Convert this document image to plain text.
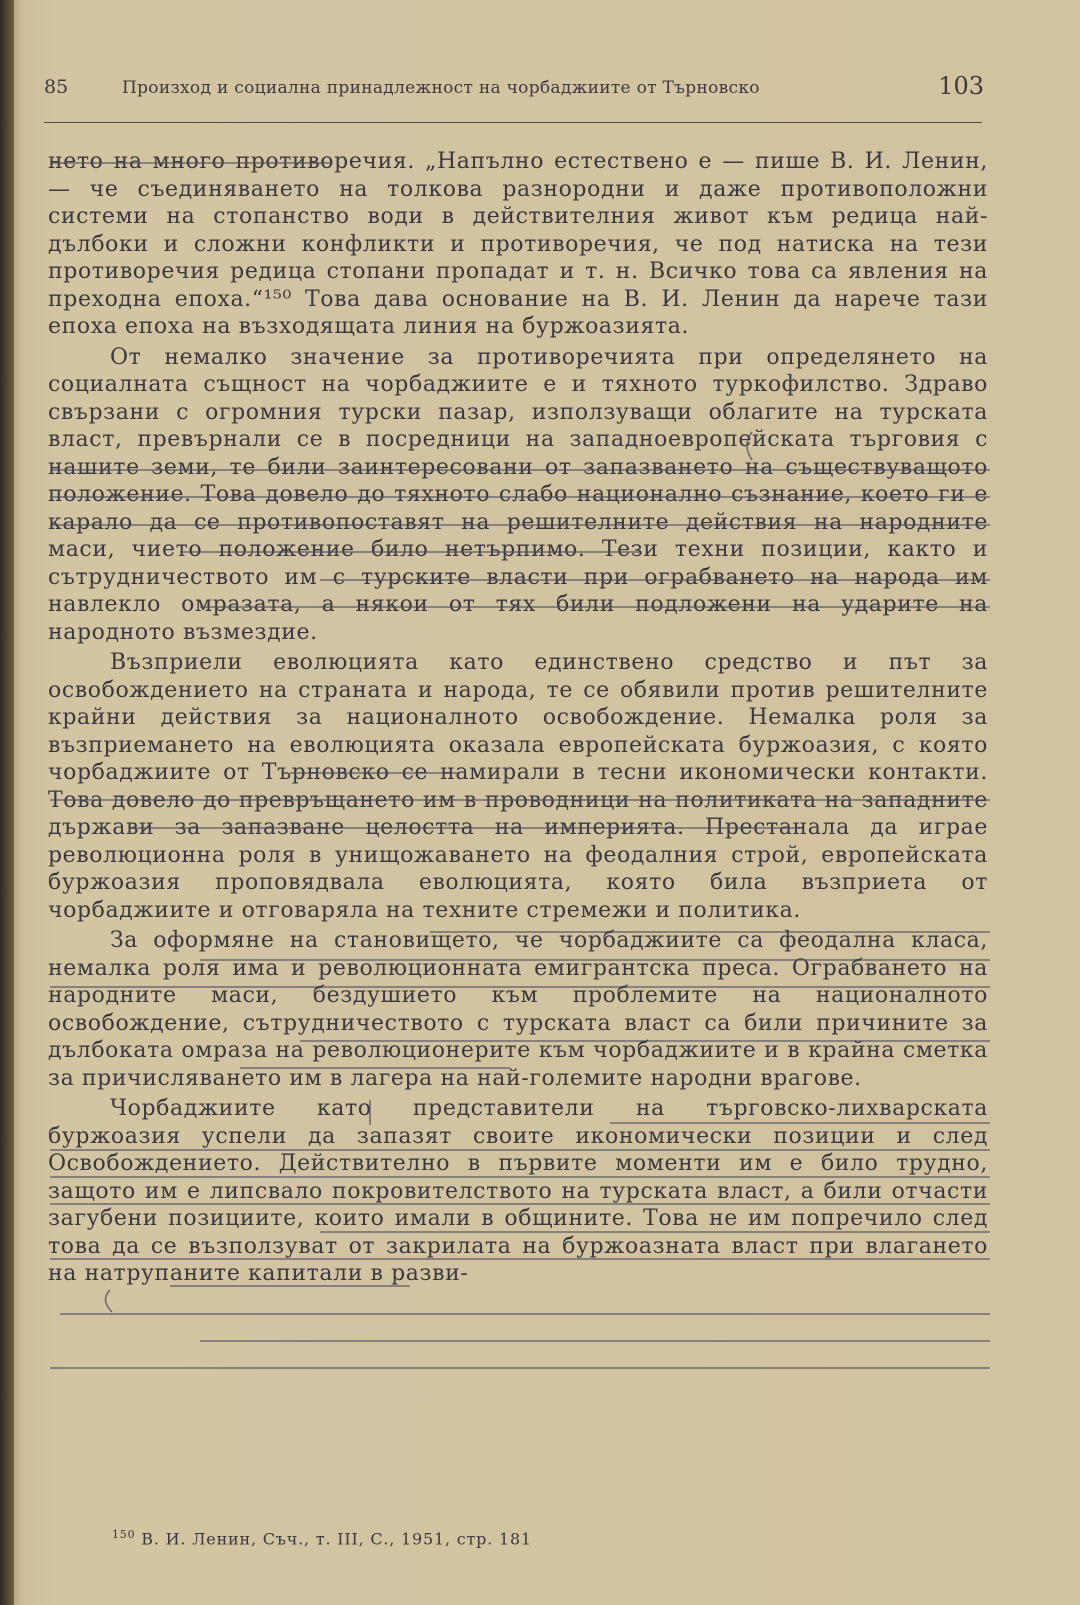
85	Произход и социална принадлежност на чорбаджиите от Търновско	103

нето на много противоречия. „Напълно естествено е — пише В. И. Ленин, — че съединяването на толкова разнородни и даже противоположни системи на стопанство води в действителния живот към редица най-дълбоки и сложни конфликти и противоречия, че под натиска на тези противоречия редица стопани пропадат и т. н. Всичко това са явления на преходна епоха.“¹⁵⁰ Това дава основание на В. И. Ленин да нарече тази епоха епоха на възходящата линия на буржоазията.

От немалко значение за противоречията при определянето на социалната същност на чорбаджиите е и тяхното туркофилство. Здраво свързани с огромния турски пазар, използуващи облагите на турската власт, превърнали се в посредници на западноевропейската търговия с нашите земи, те били заинтересовани от запазването на съществуващото положение. Това довело до тяхното слабо национално съзнание, което ги е карало да се противопоставят на решителните действия на народните маси, чието положение било нетърпимо. Тези техни позиции, както и сътрудничеството им с турските власти при ограбването на народа им навлекло омразата, а някои от тях били подложени на ударите на народното възмездие.

Възприели еволюцията като единствено средство и път за освобождението на страната и народа, те се обявили против решителните крайни действия за националното освобождение. Немалка роля за възприемането на еволюцията оказала европейската буржоазия, с която чорбаджиите от Търновско се намирали в тесни икономически контакти. Това довело до превръщането им в проводници на политиката на западните държави за запазване целостта на империята. Престанала да играе революционна роля в унищожаването на феодалния строй, европейската буржоазия проповядвала еволюцията, която била възприета от чорбаджиите и отговаряла на техните стремежи и политика.

За оформяне на становището, че чорбаджиите са феодална класа, немалка роля има и революционната емигрантска преса. Ограбването на народните маси, бездушието към проблемите на националното освобождение, сътрудничеството с турската власт са били причините за дълбоката омраза на революционерите към чорбаджиите и в крайна сметка за причисляването им в лагера на най-големите народни врагове.

Чорбаджиите като представители на търговско-лихварската буржоазия успели да запазят своите икономически позиции и след Освобождението. Действително в първите моменти им е било трудно, защото им е липсвало покровителството на турската власт, а били отчасти загубени позициите, които имали в общините. Това не им попречило след това да се възползуват от закрилата на буржоазната власт при влагането на натрупаните капитали в разви-

$^{150}$ В. И. Ленин, Съч., т. III, С., 1951, стр. 181
